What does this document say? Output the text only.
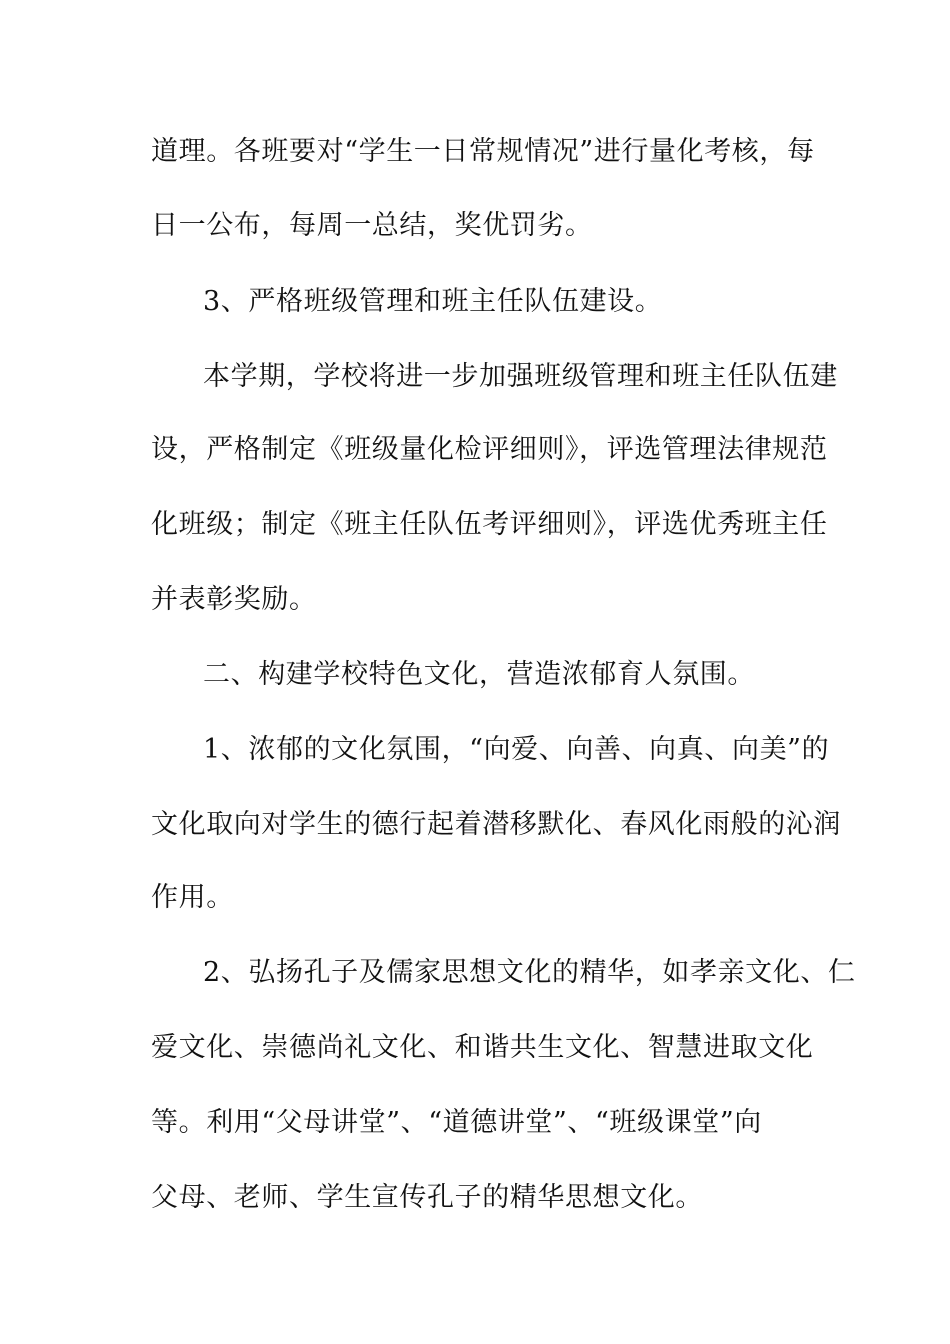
道理。各班要对“学生一日常规情况”进行量化考核，每
日一公布，每周一总结，奖优罚劣。
3、严格班级管理和班主任队伍建设。
本学期，学校将进一步加强班级管理和班主任队伍建
设，严格制定《班级量化检评细则》，评选管理法律规范
化班级；制定《班主任队伍考评细则》，评选优秀班主任
并表彰奖励。
二、构建学校特色文化，营造浓郁育人氛围。
1、浓郁的文化氛围，“向爱、向善、向真、向美”的
文化取向对学生的德行起着潜移默化、春风化雨般的沁润
作用。
2、弘扬孔子及儒家思想文化的精华，如孝亲文化、仁
爱文化、崇德尚礼文化、和谐共生文化、智慧进取文化
等。利用“父母讲堂”、“道德讲堂”、“班级课堂”向
父母、老师、学生宣传孔子的精华思想文化。
